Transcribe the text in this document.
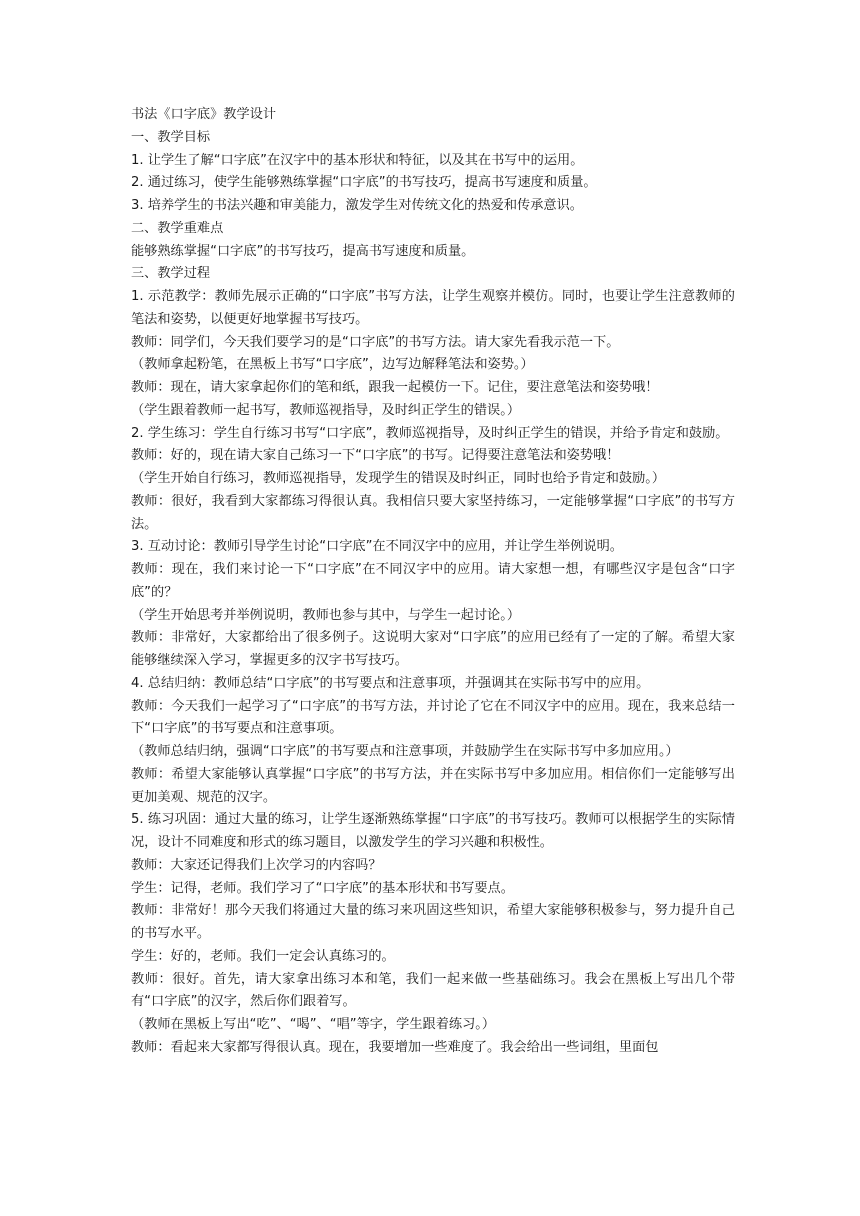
书法《口字底》教学设计

一、教学目标

1. 让学生了解“口字底”在汉字中的基本形状和特征，以及其在书写中的运用。

2. 通过练习，使学生能够熟练掌握“口字底”的书写技巧，提高书写速度和质量。

3. 培养学生的书法兴趣和审美能力，激发学生对传统文化的热爱和传承意识。

二、教学重难点

能够熟练掌握“口字底”的书写技巧，提高书写速度和质量。

三、教学过程

1. 示范教学：教师先展示正确的“口字底”书写方法，让学生观察并模仿。同时，也要让学生注意教师的笔法和姿势，以便更好地掌握书写技巧。

教师：同学们，今天我们要学习的是“口字底”的书写方法。请大家先看我示范一下。

（教师拿起粉笔，在黑板上书写“口字底”，边写边解释笔法和姿势。）

教师：现在，请大家拿起你们的笔和纸，跟我一起模仿一下。记住，要注意笔法和姿势哦！

（学生跟着教师一起书写，教师巡视指导，及时纠正学生的错误。）

2. 学生练习：学生自行练习书写“口字底”，教师巡视指导，及时纠正学生的错误，并给予肯定和鼓励。

教师：好的，现在请大家自己练习一下“口字底”的书写。记得要注意笔法和姿势哦！

（学生开始自行练习，教师巡视指导，发现学生的错误及时纠正，同时也给予肯定和鼓励。）

教师：很好，我看到大家都练习得很认真。我相信只要大家坚持练习，一定能够掌握“口字底”的书写方法。

3. 互动讨论：教师引导学生讨论“口字底”在不同汉字中的应用，并让学生举例说明。

教师：现在，我们来讨论一下“口字底”在不同汉字中的应用。请大家想一想，有哪些汉字是包含“口字底”的？

（学生开始思考并举例说明，教师也参与其中，与学生一起讨论。）

教师：非常好，大家都给出了很多例子。这说明大家对“口字底”的应用已经有了一定的了解。希望大家能够继续深入学习，掌握更多的汉字书写技巧。

4. 总结归纳：教师总结“口字底”的书写要点和注意事项，并强调其在实际书写中的应用。

教师：今天我们一起学习了“口字底”的书写方法，并讨论了它在不同汉字中的应用。现在，我来总结一下“口字底”的书写要点和注意事项。

（教师总结归纳，强调“口字底”的书写要点和注意事项，并鼓励学生在实际书写中多加应用。）

教师：希望大家能够认真掌握“口字底”的书写方法，并在实际书写中多加应用。相信你们一定能够写出更加美观、规范的汉字。

5. 练习巩固：通过大量的练习，让学生逐渐熟练掌握“口字底”的书写技巧。教师可以根据学生的实际情况，设计不同难度和形式的练习题目，以激发学生的学习兴趣和积极性。

教师：大家还记得我们上次学习的内容吗？

学生：记得，老师。我们学习了“口字底”的基本形状和书写要点。

教师：非常好！那今天我们将通过大量的练习来巩固这些知识，希望大家能够积极参与，努力提升自己的书写水平。

学生：好的，老师。我们一定会认真练习的。

教师：很好。首先，请大家拿出练习本和笔，我们一起来做一些基础练习。我会在黑板上写出几个带有“口字底”的汉字，然后你们跟着写。

（教师在黑板上写出“吃”、“喝”、“唱”等字，学生跟着练习。）

教师：看起来大家都写得很认真。现在，我要增加一些难度了。我会给出一些词组，里面包
